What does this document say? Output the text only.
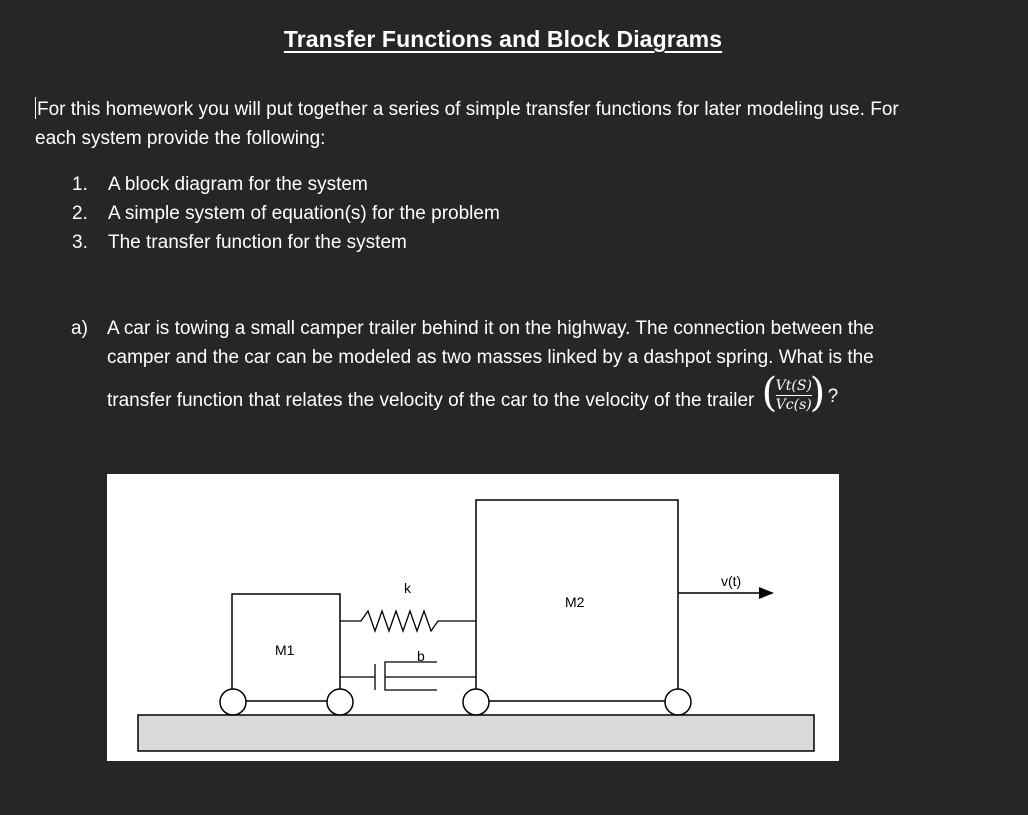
Transfer Functions and Block Diagrams
For this homework you will put together a series of simple transfer functions for later modeling use. For
each system provide the following:
1. A block diagram for the system
2. A simple system of equation(s) for the problem
3. The transfer function for the system
a) A car is towing a small camper trailer behind it on the highway. The connection between the
camper and the car can be modeled as two masses linked by a dashpot spring. What is the
transfer function that relates the velocity of the car to the velocity of the trailer (
$\frac{Vt(S)}{Vc(s)}$
) ?
M1
k
b
M2
v(t)
